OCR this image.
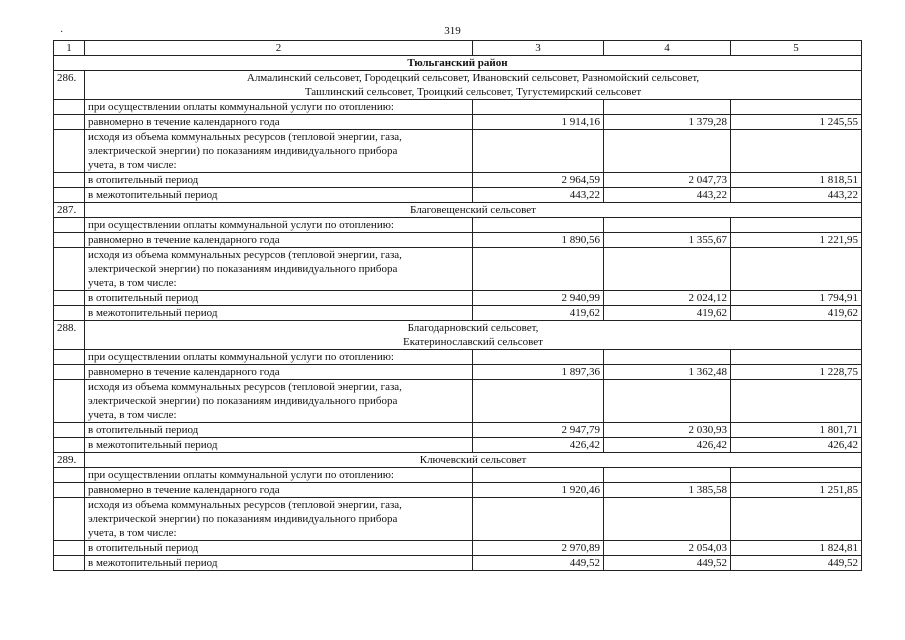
·	319
1	2	3	4	5
Тюльганский район				
286.	Алмалинский сельсовет, Городецкий сельсовет, Ивановский сельсовет, Разномойский сельсовет,
Ташлинский сельсовет, Троицкий сельсовет, Тугустемирский сельсовет			

	при осуществлении оплаты коммунальной услуги по отоплению:			

	равномерно в течение календарного года	1 914,16	1 379,28	1 245,55

	исходя из объема коммунальных ресурсов (тепловой энергии, газа,
электрической энергии) по показаниям индивидуального прибора
учета, в том числе:			

	в отопительный период	2 964,59	2 047,73	1 818,51

	в межотопительный период	443,22	443,22	443,22
287.	Благовещенский сельсовет			

	при осуществлении оплаты коммунальной услуги по отоплению:			

	равномерно в течение календарного года	1 890,56	1 355,67	1 221,95

	исходя из объема коммунальных ресурсов (тепловой энергии, газа,
электрической энергии) по показаниям индивидуального прибора
учета, в том числе:			

	в отопительный период	2 940,99	2 024,12	1 794,91

	в межотопительный период	419,62	419,62	419,62
288.	Благодарновский сельсовет,
Екатеринославский сельсовет			

	при осуществлении оплаты коммунальной услуги по отоплению:			

	равномерно в течение календарного года	1 897,36	1 362,48	1 228,75

	исходя из объема коммунальных ресурсов (тепловой энергии, газа,
электрической энергии) по показаниям индивидуального прибора
учета, в том числе:			

	в отопительный период	2 947,79	2 030,93	1 801,71

	в межотопительный период	426,42	426,42	426,42
289.	Ключевский сельсовет			

	при осуществлении оплаты коммунальной услуги по отоплению:			

	равномерно в течение календарного года	1 920,46	1 385,58	1 251,85

	исходя из объема коммунальных ресурсов (тепловой энергии, газа,
электрической энергии) по показаниям индивидуального прибора
учета, в том числе:			

	в отопительный период	2 970,89	2 054,03	1 824,81

	в межотопительный период	449,52	449,52	449,52
